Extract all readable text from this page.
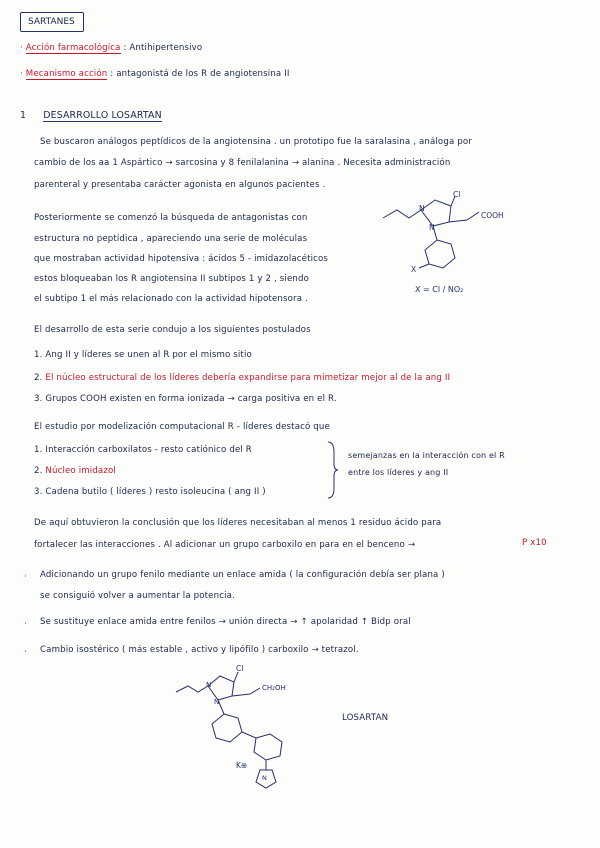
SARTANES
· Acción farmacológica : Antihipertensivo
· Mecanismo acción : antagonistá de los R de angiotensina II
1 DESARROLLO LOSARTAN
Se buscaron análogos peptídicos de la angiotensina . un prototipo fue la saralasina , análoga por
cambio de los aa 1 Aspártico → sarcosina y 8 fenilalanina → alanina . Necesita administración
parenteral y presentaba carácter agonista en algunos pacientes .
Posteriormente se comenzó la búsqueda de antagonistas con
estructura no peptídica , apareciendo una serie de moléculas
que mostraban actividad hipotensiva : ácidos 5 - imidazolacéticos
estos bloqueaban los R angiotensina II subtipos 1 y 2 , siendo
el subtipo 1 el más relacionado con la actividad hipotensora .
Cl
COOH
N
N
X
X = Cl / NO₂
El desarrollo de esta serie condujo a los siguientes postulados
1. Ang II y líderes se unen al R por el mismo sitio
2. El núcleo estructural de los líderes debería expandirse para mimetizar mejor al de la ang II
3. Grupos COOH existen en forma ionizada → carga positiva en el R.
El estudio por modelización computacional R - líderes destacó que
1. Interacción carboxilatos - resto catiónico del R
2. Núcleo imidazol
3. Cadena butilo ( líderes ) resto isoleucina ( ang II )
semejanzas en la interacción con el R
entre los líderes y ang II
De aquí obtuvieron la conclusión que los líderes necesitaban al menos 1 residuo ácido para
fortalecer las interacciones . Al adicionar un grupo carboxilo en para en el benceno →	P x10
· Adicionando un grupo fenilo mediante un enlace amida ( la configuración debía ser plana )
se consiguió volver a aumentar la potencia.
· Se sustituye enlace amida entre fenilos → unión directa → ↑ apolaridad ↑ Bidp oral
· Cambio isostérico ( más estable , activo y lipófilo ) carboxilo → tetrazol.
Cl
CH₂OH
N
N
K⊕
N
LOSARTAN
